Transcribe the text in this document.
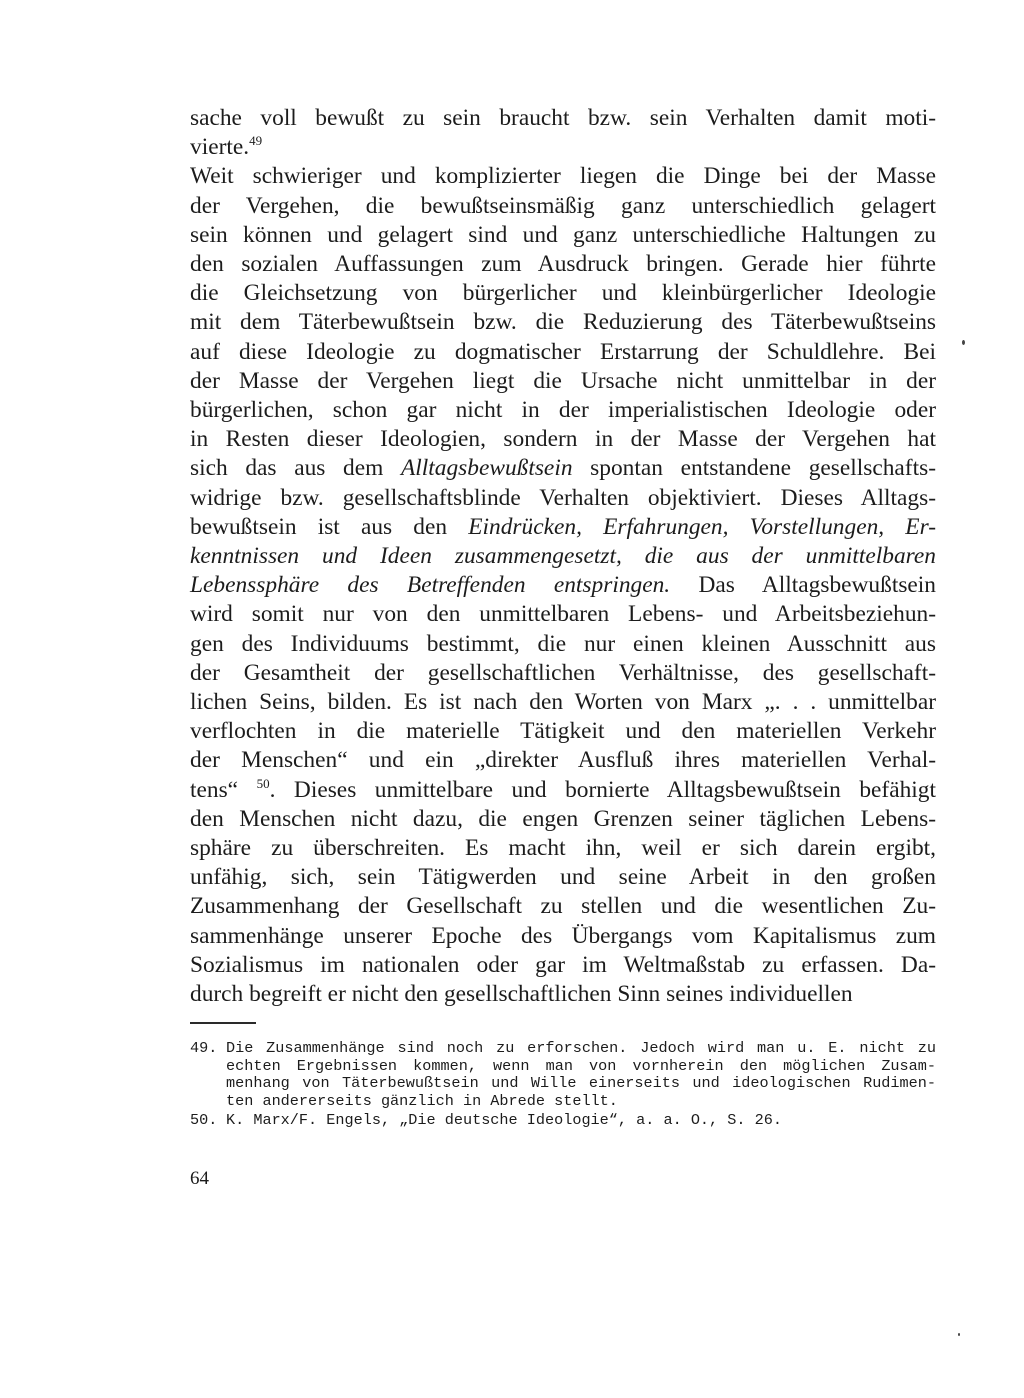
sache voll bewußt zu sein braucht bzw. sein Verhalten damit moti-
vierte.$^{49}$
Weit schwieriger und komplizierter liegen die Dinge bei der Masse
der Vergehen, die bewußtseinsmäßig ganz unterschiedlich gelagert
sein können und gelagert sind und ganz unterschiedliche Haltungen zu
den sozialen Auffassungen zum Ausdruck bringen. Gerade hier führte
die Gleichsetzung von bürgerlicher und kleinbürgerlicher Ideologie
mit dem Täterbewußtsein bzw. die Reduzierung des Täterbewußtseins
auf diese Ideologie zu dogmatischer Erstarrung der Schuldlehre. Bei
der Masse der Vergehen liegt die Ursache nicht unmittelbar in der
bürgerlichen, schon gar nicht in der imperialistischen Ideologie oder
in Resten dieser Ideologien, sondern in der Masse der Vergehen hat
sich das aus dem Alltagsbewußtsein spontan entstandene gesellschafts-
widrige bzw. gesellschaftsblinde Verhalten objektiviert. Dieses Alltags-
bewußtsein ist aus den Eindrücken, Erfahrungen, Vorstellungen, Er-
kenntnissen und Ideen zusammengesetzt, die aus der unmittelbaren
Lebenssphäre des Betreffenden entspringen. Das Alltagsbewußtsein
wird somit nur von den unmittelbaren Lebens- und Arbeitsbeziehun-
gen des Individuums bestimmt, die nur einen kleinen Ausschnitt aus
der Gesamtheit der gesellschaftlichen Verhältnisse, des gesellschaft-
lichen Seins, bilden. Es ist nach den Worten von Marx „. . . unmittelbar
verflochten in die materielle Tätigkeit und den materiellen Verkehr
der Menschen“ und ein „direkter Ausfluß ihres materiellen Verhal-
tens“ $^{50}$. Dieses unmittelbare und bornierte Alltagsbewußtsein befähigt
den Menschen nicht dazu, die engen Grenzen seiner täglichen Lebens-
sphäre zu überschreiten. Es macht ihn, weil er sich darein ergibt,
unfähig, sich, sein Tätigwerden und seine Arbeit in den großen
Zusammenhang der Gesellschaft zu stellen und die wesentlichen Zu-
sammenhänge unserer Epoche des Übergangs vom Kapitalismus zum
Sozialismus im nationalen oder gar im Weltmaßstab zu erfassen. Da-
durch begreift er nicht den gesellschaftlichen Sinn seines individuellen
49. Die Zusammenhänge sind noch zu erforschen. Jedoch wird man u. E. nicht zu
echten Ergebnissen kommen, wenn man von vornherein den möglichen Zusam-
menhang von Täterbewußtsein und Wille einerseits und ideologischen Rudimen-
ten andererseits gänzlich in Abrede stellt.
50. K. Marx/F. Engels, „Die deutsche Ideologie“, a. a. O., S. 26.
64
